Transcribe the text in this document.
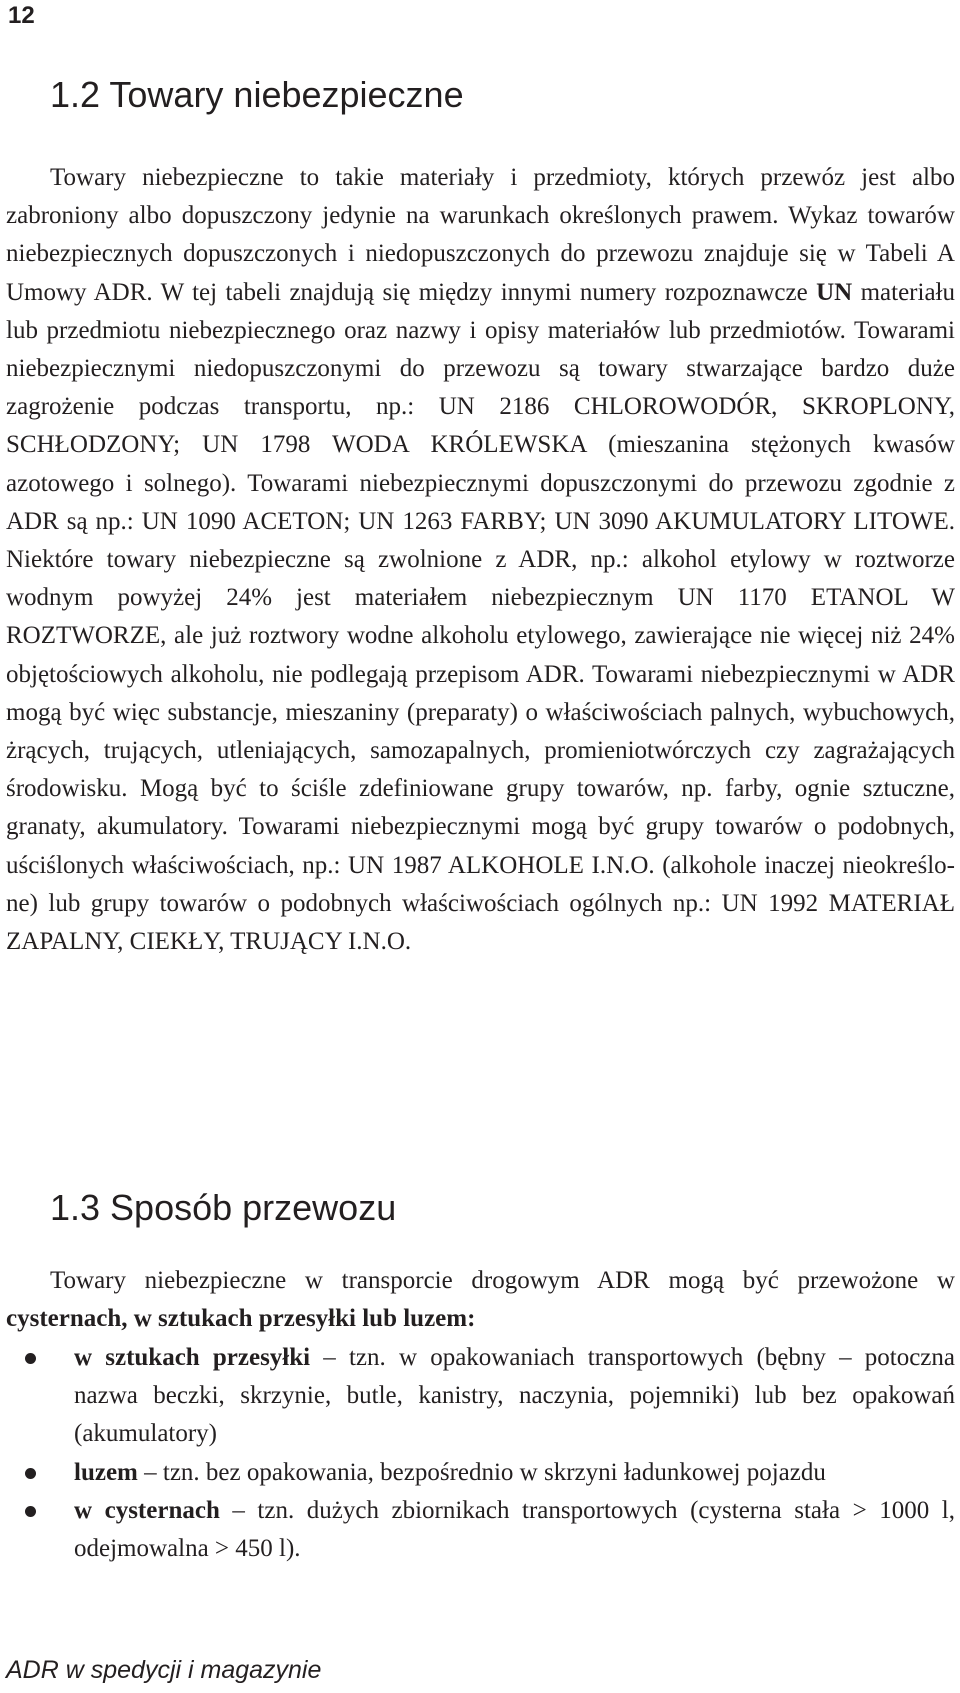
12
1.2 Towary niebezpieczne

Towary niebezpieczne to takie materiały i przedmioty, których przewóz jest albo zabroniony albo dopuszczony jedynie na warunkach określonych prawem. Wykaz towarów niebezpiecznych dopuszczonych i niedopuszczonych do przewozu znajduje się w Tabeli A Umowy ADR. W tej tabeli znajdują się między innymi numery rozpoznawcze UN materiału lub przedmiotu niebezpiecznego oraz nazwy i opisy materiałów lub przedmiotów. Towarami niebezpiecznymi niedopuszczonymi do przewozu są towary stwarzające bardzo duże zagrożenie podczas transportu, np.: UN 2186 CHLOROWODÓR, SKROPLONY, SCHŁODZONY; UN 1798 WODA KRÓLEWSKA (mieszanina stężonych kwasów azotowego i solnego). Towarami niebezpiecznymi dopuszczonymi do przewozu zgodnie z ADR są np.: UN 1090 ACETON; UN 1263 FARBY; UN 3090 AKUMULATORY LITOWE. Niektóre towary niebezpieczne są zwolnione z ADR, np.: alkohol etylowy w roztworze wodnym powyżej 24% jest materiałem niebezpiecznym UN 1170 ETANOL W ROZTWORZE, ale już roztwory wodne alkoholu etylowego, zawierające nie więcej niż 24% objętościowych alkoholu, nie podlegają przepisom ADR. Towarami niebezpiecznymi w ADR mogą być więc substancje, mieszaniny (preparaty) o właściwościach palnych, wybuchowych, żrących, trujących, utleniających, samozapalnych, promieniotwórczych czy zagrażających środowisku. Mogą być to ściśle zdefiniowane grupy towarów, np. farby, ognie sztuczne, granaty, akumulatory. Towarami niebezpiecznymi mogą być grupy towarów o podobnych, uściślonych właściwościach, np.: UN 1987 ALKOHOLE I.N.O. (alkohole inaczej nieokreślone) lub grupy towarów o podobnych właściwościach ogólnych np.: UN 1992 MATERIAŁ ZAPALNY, CIEKŁY, TRUJĄCY I.N.O.

1.3 Sposób przewozu

Towary niebezpieczne w transporcie drogowym ADR mogą być przewożone w cysternach, w sztukach przesyłki lub luzem:

w sztukach przesyłki – tzn. w opakowaniach transportowych (bębny – potoczna nazwa beczki, skrzynie, butle, kanistry, naczynia, pojemniki) lub bez opakowań (akumulatory)
luzem – tzn. bez opakowania, bezpośrednio w skrzyni ładunkowej pojazdu
w cysternach – tzn. dużych zbiornikach transportowych (cysterna stała > 1000 l, odejmowalna > 450 l).
ADR w spedycji i magazynie
